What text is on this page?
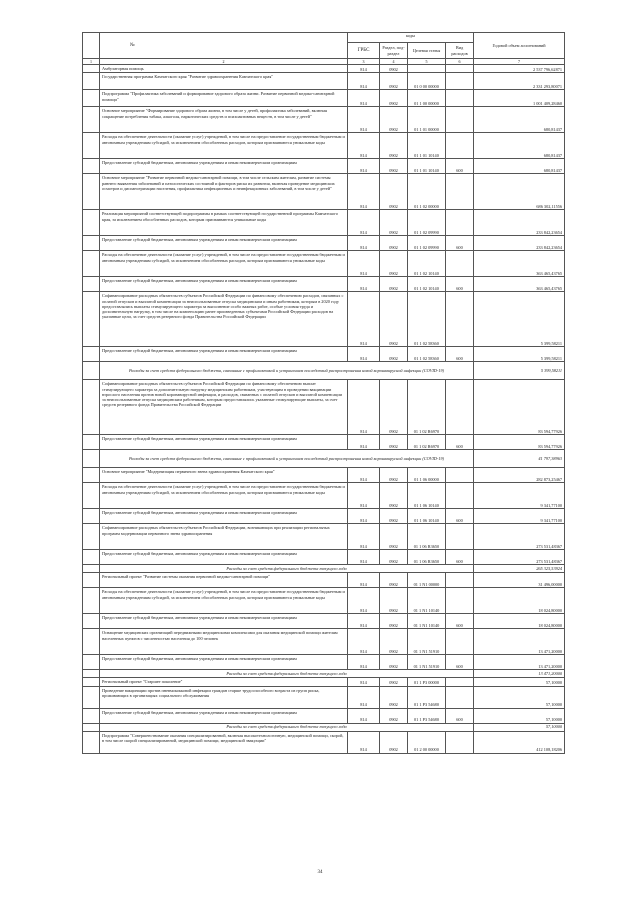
	№	коды				Годовой объем ассигнований
		ГРБС	Раздел, под-раздел	Целевая статья	Вид расходов	
1	2	3	4	5	6	7
	Амбулаторная помощь	814	0902			2 537 796,62871
	Государственная программа Камчатского края "Развитие здравоохранения Камчатского края"	814	0902	01 0 00 00000		2 331 293,80071
	Подпрограмма "Профилактика заболеваний и формирование здорового образа жизни. Развитие первичной медико-санитарной помощи"	814	0902	01 1 00 00000		1 001 409,28460
	Основное мероприятие "Формирование здорового образа жизни, в том числе у детей, профилактика заболеваний, включая сокращение потребления табака, алкоголя, наркотических средств и психоактивных веществ, в том числе у детей"	814	0902	01 1 01 00000		680,81437
	Расходы на обеспечение деятельности (оказание услуг) учреждений, в том числе на предоставление государственным бюджетным и автономным учреждениям субсидий, за исключением обособленных расходов, которым присваиваются уникальные коды	814	0902	01 1 01 10140		680,81437
	Предоставление субсидий бюджетным, автономным учреждениям и иным некоммерческим организациям	814	0902	01 1 01 10140	600	680,81437
	Основное мероприятие "Развитие первичной медико-санитарной помощи, в том числе сельским жителям, развитие системы раннего выявления заболеваний и патологических состояний и факторов риска их развития, включая проведение медицинских осмотров и диспансеризации населения, профилактика инфекционных и неинфекционных заболеваний, в том числе у детей"	814	0902	01 1 02 00000		686 302,11556
	Реализация мероприятий соответствующей подпрограммы в рамках соответствующей государственной программы Камчатского края, за исключением обособленных расходов, которым присваиваются уникальные коды	814	0902	01 1 02 09990		233 842,23654
	Предоставление субсидий бюджетным, автономным учреждениям и иным некоммерческим организациям	814	0902	01 1 02 09990	600	233 842,23654
	Расходы на обеспечение деятельности (оказание услуг) учреждений, в том числе на предоставление государственным бюджетным и автономным учреждениям субсидий, за исключением обособленных расходов, которым присваиваются уникальные коды	814	0902	01 1 02 10140		363 465,43765
	Предоставление субсидий бюджетным, автономным учреждениям и иным некоммерческим организациям	814	0902	01 1 02 10140	600	363 465,43765
	Софинансирование расходных обязательств субъектов Российской Федерации по финансовому обеспечению расходов, связанных с оплатой отпусков и выплатой компенсации за неиспользованные отпуска медицинским и иным работникам, которым в 2020 году предоставлялись выплаты стимулирующего характера за выполнение особо важных работ, особые условия труда и дополнительную нагрузку, в том числе на компенсацию ранее произведенных субъектами Российской Федерации расходов на указанные цели, за счет средств резервного фонда Правительства Российской Федерации	814	0902	01 1 02 58360		5 399,58211
	Предоставление субсидий бюджетным, автономным учреждениям и иным некоммерческим организациям	814	0902	01 1 02 58360	600	5 399,58211
	Расходы за счет средств федерального бюджета, связанные с профилактикой и устранением последствий распространения новой коронавирусной инфекции (COVID-19)					5 399,58211
	Софинансирование расходных обязательств субъектов Российской Федерации по финансовому обеспечению выплат стимулирующего характера за дополнительную нагрузку медицинским работникам, участвующим в проведении вакцинации взрослого населения против новой коронавирусной инфекции, и расходов, связанных с оплатой отпусков и выплатой компенсации за неиспользованные отпуска медицинским работникам, которым предоставлялись указанные стимулирующие выплаты, за счет средств резервного фонда Правительства Российской Федерации	814	0902	01 1 02 R6970		83 594,77926
	Предоставление субсидий бюджетным, автономным учреждениям и иным некоммерческим организациям	814	0902	01 1 02 R6970	600	83 594,77926
	Расходы за счет средств федерального бюджета, связанные с профилактикой и устранением последствий распространения новой коронавирусной инфекции (COVID-19)					41 797,38963
	Основное мероприятие "Модернизация первичного звена здравоохранения Камчатского края"	814	0902	01 1 06 00000		282 873,25467
	Расходы на обеспечение деятельности (оказание услуг) учреждений, в том числе на предоставление государственным бюджетным и автономным учреждениям субсидий, за исключением обособленных расходов, которым присваиваются уникальные коды	814	0902	01 1 06 10140		9 341,77100
	Предоставление субсидий бюджетным, автономным учреждениям и иным некоммерческим организациям	814	0902	01 1 06 10140	600	9 341,77100
	Софинансирование расходных обязательств субъектов Российской Федерации, возникающих при реализации региональных программ модернизации первичного звена здравоохранения	814	0902	01 1 06 R3650		273 531,48367
	Предоставление субсидий бюджетным, автономным учреждениям и иным некоммерческим организациям	814	0902	01 1 06 R3650	600	273 531,48367
	Расходы за счет средств федерального бюджета текущего года					265 325,53924
	Региональный проект "Развитие системы оказания первичной медико-санитарной помощи"	814	0902	01 1 N1 00000		31 496,00000
	Расходы на обеспечение деятельности (оказание услуг) учреждений, в том числе на предоставление государственным бюджетным и автономным учреждениям субсидий, за исключением обособленных расходов, которым присваиваются уникальные коды	814	0902	01 1 N1 10140		18 024,80000
	Предоставление субсидий бюджетным, автономным учреждениям и иным некоммерческим организациям	814	0902	01 1 N1 10140	600	18 024,80000
	Оснащение медицинских организаций передвижными медицинскими комплексами для оказания медицинской помощи жителям населенных пунктов с численностью населения до 100 человек	814	0902	01 1 N1 51910		13 471,20000
	Предоставление субсидий бюджетным, автономным учреждениям и иным некоммерческим организациям	814	0902	01 1 N1 51910	600	13 471,20000
	Расходы за счет средств федерального бюджета текущего года					13 471,20000
	Региональный проект "Старшее поколение"	814	0902	01 1 P3 00000		57,10000
	Проведение вакцинации против пневмококковой инфекции граждан старше трудоспособного возраста из групп риска, проживающих в организациях социального обслуживания	814	0902	01 1 P3 54680		57,10000
	Предоставление субсидий бюджетным, автономным учреждениям и иным некоммерческим организациям	814	0902	01 1 P3 54680	600	57,10000
	Расходы за счет средств федерального бюджета текущего года					57,10000
	Подпрограмма "Совершенствование оказания специализированной, включая высокотехнологичную, медицинской помощи, скорой, в том числе скорой специализированной, медицинской помощи, медицинской эвакуации"	814	0902	01 2 00 00000		412 108,18206
34
